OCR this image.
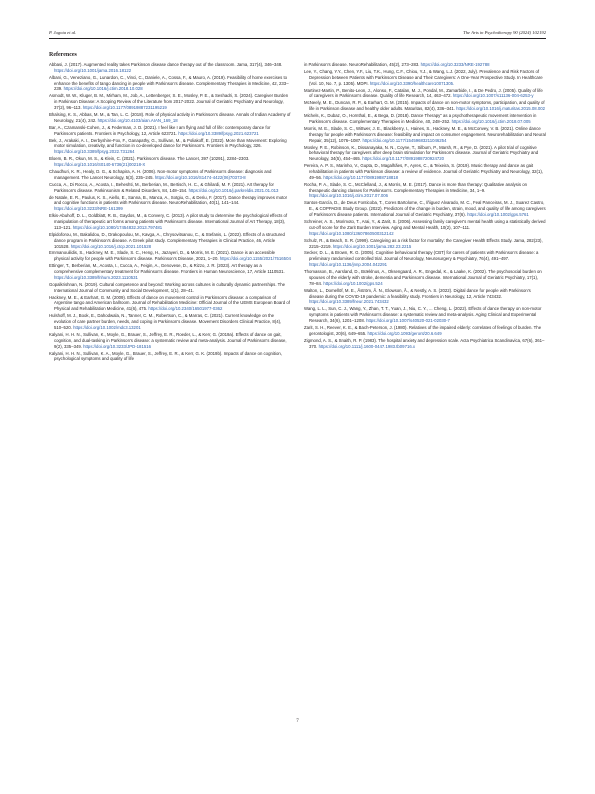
P. Jugota et al.	The Arts in Psychotherapy 90 (2024) 102192
References

Abbasi, J. (2017). Augmented reality takes Parkinson disease dance therapy out of the classroom. Jama, 317(4), 346–348. https://doi.org/10.1001/jama.2016.18122

Albani, G., Veneziano, G., Lunardon, C., Vinci, C., Daniele, A., Cossa, F., & Mauro, A. (2019). Feasibility of home exercises to enhance the benefits of tango dancing in people with Parkinson's disease. Complementary Therapies in Medicine, 42, 233–239. https://doi.org/10.1016/j.ctim.2018.10.028

Asmodt, W. W., Kluger, B. M., Mirham, M., Job, A., Lettenberger, S. E., Mosley, P. E., & Seshadri, S. (2024). Caregiver Burden in Parkinson Disease: A Scoping Review of the Literature from 2017-2022. Journal of Geriatric Psychiatry and Neurology, 37(2), 96–113. https://doi.org/10.1177/08919887231195219

Bhalsing, K. S., Abbas, M. M., & Tan, L. C. (2018). Role of physical activity in Parkinson's disease. Annals of Indian Academy of Neurology, 21(4), 242. https://doi.org/10.4103/aian.AIAN_169_18

Bar, A., Czamanski-Cohen, J., & Federman, J. D. (2021). I feel like I am flying and full of life: contemporary dance for Parkinson's patients. Frontiers in Psychology, 12, Article 623721. https://doi.org/10.3389/fpsyg.2021.623721

Bek, J., Arakaki, A. I., Derbyshire-Fox, F., Ganapathy, G., Sullivan, M., & Poliakoff, E. (2022). More than Movement: Exploring motor simulation, creativity, and function in co-developed dance for Parkinson's. Frontiers in Psychology, 326. https://doi.org/10.3389/fpsyg.2022.731264

Bloem, B. R., Okun, M. S., & Klein, C. (2021). Parkinson's disease. The Lancet, 397 (10291), 2284–2303. https://doi.org/10.1016/S0140-6736(21)00218-X

Chaudhuri, K. R., Healy, D. G., & Schapira, A. H. (2006). Non-motor symptoms of Parkinson's disease: diagnosis and management. The Lancet Neurology, 5(3), 235–245. https://doi.org/10.1016/S1474-4422(06)70373-8

Cucca, A., Di Rocco, A., Acosta, I., Beheshti, M., Berberian, M., Bertisch, H. C., & Ghilardi, M. F. (2021). Art therapy for Parkinson's disease. Parkinsonism & Related Disorders, 84, 148–154. https://doi.org/10.1016/j.parkreldis.2021.01.013

de Natale, E. R., Paulus, K. S., Aiello, E., Sanna, B., Manca, A., Sotgiu, G., & Deriu, F. (2017). Dance therapy improves motor and cognitive functions in patients with Parkinson's disease. NeuroRehabilitation, 40(1), 141–144. https://doi.org/10.3233/NRE-161399

Elkis-Abuhoff, D. L., Goldblatt, R. B., Gaydos, M., & Convery, C. (2013). A pilot study to determine the psychological effects of manipulation of therapeutic art forms among patients with Parkinson's disease. International Journal of Art Therapy, 18(3), 113–121. https://doi.org/10.1080/17454832.2013.797481

Elpidoforou, M., Bakalidou, D., Drakopoulou, M., Kavga, A., Chrysovitsanou, C., & Stefanis, L. (2022). Effects of a structured dance program in Parkinson's disease. A Greek pilot study. Complementary Therapies in Clinical Practice, 46, Article 101528. https://doi.org/10.1016/j.ctcp.2021.101528

Emmanouilidis, S., Hackney, M. E., Slade, S. C., Heng, H., Jazayeri, D., & Morris, M. E. (2021). Dance is an accessible physical activity for people with Parkinson's disease. Parkinson's Disease, 2021, 1–20. https://doi.org/10.1155/2021/7516504

Ettinger, T., Berberian, M., Acosta, I., Cucca, A., Feigin, A., Genovese, D., & Rizzo, J. R. (2023). Art therapy as a comprehensive complementary treatment for Parkinson's disease. Frontiers in Human Neuroscience, 17, Article 1110531. https://doi.org/10.3389/fnhum.2023.1110531

Gopalkrishnan, N. (2019). Cultural competence and beyond: Working across cultures in culturally dynamic partnerships. The International Journal of Community and Social Development, 1(1), 28–41.

Hackney, M. E., & Earhart, G. M. (2009). Effects of dance on movement control in Parkinson's disease: a comparison of Argentine tango and American ballroom. Journal of Rehabilitation Medicine: Official Journal of the UEMS European Board of Physical and Rehabilitation Medicine, 41(6), 475. https://doi.org/10.2340/16501977-0362

Hulshoff, M. J., Book, E., Dahodwala, N., Tanner, C. M., Robertson, C., & Marras, C. (2021). Current knowledge on the evolution of care partner burden, needs, and coping in Parkinson's disease. Movement Disorders Clinical Practice, 8(4), 510–520. https://doi.org/10.1002/mdc3.13201

Kalyani, H. H. N., Sullivan, K., Moyle, G., Brauer, S., Jeffrey, E. R., Roeder, L., & Kerr, G. (2019a). Effects of dance on gait, cognition, and dual-tasking in Parkinson's disease: a systematic review and meta-analysis. Journal of Parkinson's disease, 9(2), 335–349. https://doi.org/10.3233/JPD-181516

Kalyani, H. H. N., Sullivan, K. A., Moyle, G., Brauer, S., Jeffrey, E. R., & Kerr, G. K. (2019b). Impacts of dance on cognition, psychological symptoms and quality of life

in Parkinson's disease. NeuroRehabilitation, 45(2), 273–283. https://doi.org/10.3233/NRE-192788

Lee, Y., Chang, Y.Y., Chen, Y.F., Liu, T.K., Hung, C.F., Chiou, Y.J., & Wang, L.J. (2022, July). Prevalence and Risk Factors of Depression between Patients with Parkinson's Disease and Their Caregivers: A One-Year Prospective Study. In Healthcare (Vol. 10, No. 7, p. 1305). MDPI. https://doi.org/10.3390/healthcare10071305.

Martinez-Martin, P., Benito-Leon, J., Alonso, F., Catalan, M. J., Pondal, M., Zamarbide, I., & De Pedro, J. (2005). Quality of life of caregivers in Parkinson's disease. Quality of life Research, 14, 463–472. https://doi.org/10.1007/s11136-004-6253-y

McNeely, M. E., Duncan, R. P., & Earhart, G. M. (2015). Impacts of dance on non-motor symptoms, participation, and quality of life in Parkinson disease and healthy older adults. Maturitas, 82(4), 336–341. https://doi.org/10.1016/j.maturitas.2015.08.002

Michels, K., Dubaz, O., Hornthal, E., & Bega, D. (2018). Dance Therapy" as a psychotherapeutic movement intervention in Parkinson's disease. Complementary Therapies in Medicine, 40, 248–252. https://doi.org/10.1016/j.ctim.2018.07.005

Morris, M. E., Slade, S. C., Wittwer, J. E., Blackberry, I., Haines, S., Hackney, M. E., & McConvey, V. B. (2021). Online dance therapy for people with Parkinson's disease: feasibility and impact on consumer engagement. Neurorehabilitation and Neural Repair, 35(12), 1076–1087. https://doi.org/10.1177/15459683211046254

Mosley, P. E., Robinson, K., Dissanayaka, N. N., Coyne, T., Silburn, P., Marsh, R., & Pye, D. (2021). A pilot trial of cognitive behavioral therapy for caregivers after deep brain stimulation for Parkinson's disease. Journal of Geriatric Psychiatry and Neurology, 34(5), 454–465. https://doi.org/10.1177/0891988720924720

Pereira, A. P. S., Marinho, V., Gupta, D., Magalhães, F., Ayres, C., & Teixeira, S. (2019). Music therapy and dance as gait rehabilitation in patients with Parkinson disease: a review of evidence. Journal of Geriatric Psychiatry and Neurology, 32(1), 49–56. https://doi.org/10.1177/0891988718818

Rocha, P. A., Slade, S. C., McClelland, J., & Morris, M. E. (2017). Dance is more than therapy: Qualitative analysis on therapeutic dancing classes for Parkinson's. Complementary Therapies in Medicine, 34, 1–9. https://doi.org/10.1016/j.ctim.2017.07.006

Santos-García, D., de Deus Fonticoba, T., Cores Bartolome, C., Íñiguez Alvarado, M. C., Feal Panceiras, M. J., Suarez Castro, E., & COPPADIS Study Group. (2022). Predictors of the change in burden, strain, mood, and quality of life among caregivers of Parkinson's disease patients. International Journal of Geriatric Psychiatry, 37(6). https://doi.org/10.1002/gps.5761

Schreiner, A. S., Morimoto, T., Arai, Y., & Zarit, S. (2006). Assessing family caregiver's mental health using a statistically derived cut-off score for the Zarit Burden Interview. Aging and Mental Health, 10(2), 107–111. https://doi.org/10.1080/13607860500312142

Schulz, R., & Beach, S. R. (1999). Caregiving as a risk factor for mortality: the Caregiver Health Effects Study. Jama, 282(23), 2215–2219. https://doi.org/10.1001/jama.282.23.2215

Secker, D. L., & Brown, R. G. (2005). Cognitive behavioural therapy (CBT) for carers of patients with Parkinson's disease: a preliminary randomised controlled trial. Journal of Neurology, Neurosurgery & Psychiatry, 76(4), 491–497. https://doi.org/10.1136/jnnp.2004.042291

Thomasson, B., Aarsland, D., Bræklnus, A., Oksengaard, A. R., Engedal, K., & Laake, K. (2002). The psychosocial burden on spouses of the elderly with stroke, dementia and Parkinson's disease. International Journal of Geriatric Psychiatry, 17(1), 78–84. https://doi.org/10.1002/gps.524

Walton, L., Domellöf, M. E., Åström, Å. N., Elowson, Å., & Nestly, A. S. (2022). Digital dance for people with Parkinson's disease during the COVID-19 pandemic: a feasibility study. Frontiers in Neurology, 12, Article 743432. https://doi.org/10.3389/fneur.2021.743432

Wang, L. L., Sun, C. J., Wang, Y., Zhan, T. T., Yuan, J., Niu, C. Y., ... Cheng, L. (2022). Effects of dance therapy on non-motor symptoms in patients with Parkinson's disease: a systematic review and meta-analysis. Aging Clinical and Experimental Research, 34(6), 1201–1208. https://doi.org/10.1007/s40520-021-02030-7

Zarit, S. H., Reever, K. E., & Bach-Peterson, J. (1980). Relatives of the impaired elderly: correlates of feelings of burden. The gerontologist, 20(6), 649–655. https://doi.org/10.1093/geront/20.6.649

Zigmond, A. S., & Snaith, R. P. (1983). The hospital anxiety and depression scale. Acta Psychiatrica Scandinavica, 67(6), 361–370. https://doi.org/10.1111/j.1600-0447.1983.tb09716.x

7
